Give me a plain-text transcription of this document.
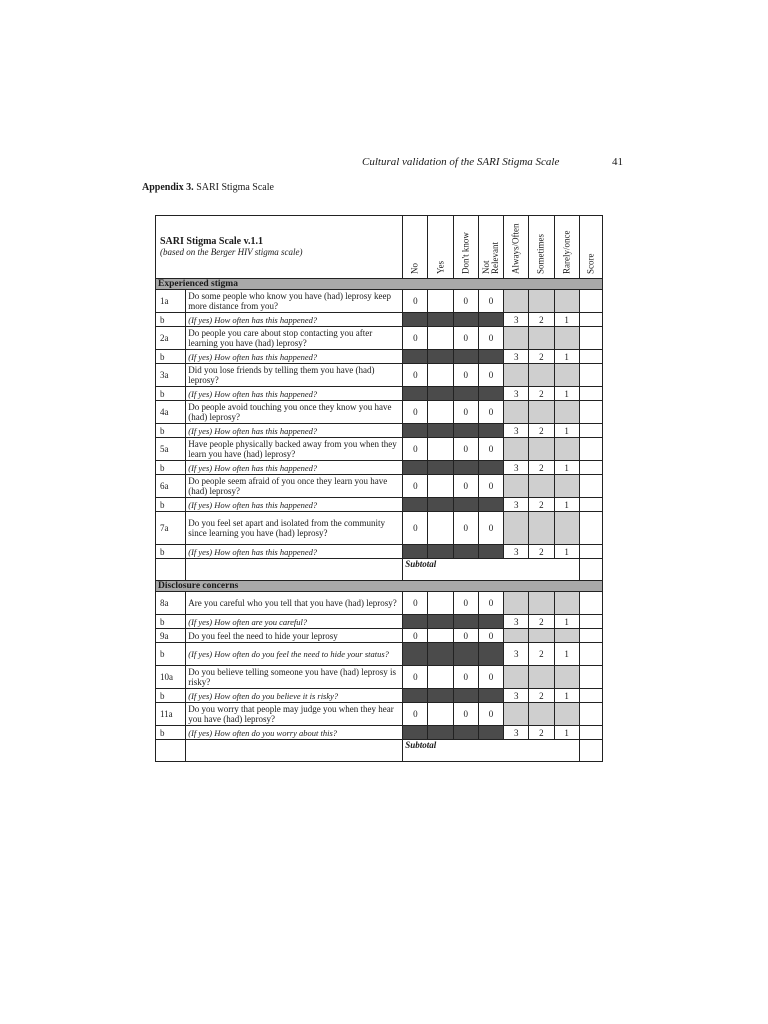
Cultural validation of the SARI Stigma Scale	41
Appendix 3. SARI Stigma Scale
SARI Stigma Scale v.1.1
(based on the Berger HIV stigma scale)		No	Yes	Don't know	Not Relevant	Always/Often	Sometimes	Rarely/once	Score

Experienced stigma									
1a	Do some people who know you have (had) leprosy keep more distance from you?	0		0	0				
b	(If yes) How often has this happened?					3	2	1	
2a	Do people you care about stop contacting you after learning you have (had) leprosy?	0		0	0				
b	(If yes) How often has this happened?					3	2	1	
3a	Did you lose friends by telling them you have (had) leprosy?	0		0	0				
b	(If yes) How often has this happened?					3	2	1	
4a	Do people avoid touching you once they know you have (had) leprosy?	0		0	0				
b	(If yes) How often has this happened?					3	2	1	
5a	Have people physically backed away from you when they learn you have (had) leprosy?	0		0	0				
b	(If yes) How often has this happened?					3	2	1	
6a	Do people seem afraid of you once they learn you have (had) leprosy?	0		0	0				
b	(If yes) How often has this happened?					3	2	1	
7a	Do you feel set apart and isolated from the community since learning you have (had) leprosy?	0		0	0				
b	(If yes) How often has this happened?					3	2	1	
		Subtotal							
Disclosure concerns									
8a	Are you careful who you tell that you have (had) leprosy?	0		0	0				
b	(If yes) How often are you careful?					3	2	1	
9a	Do you feel the need to hide your leprosy	0		0	0				
b	(If yes) How often do you feel the need to hide your status?					3	2	1	
10a	Do you believe telling someone you have (had) leprosy is risky?	0		0	0				
b	(If yes) How often do you believe it is risky?					3	2	1	
11a	Do you worry that people may judge you when they hear you have (had) leprosy?	0		0	0				
b	(If yes) How often do you worry about this?					3	2	1	
		Subtotal							
